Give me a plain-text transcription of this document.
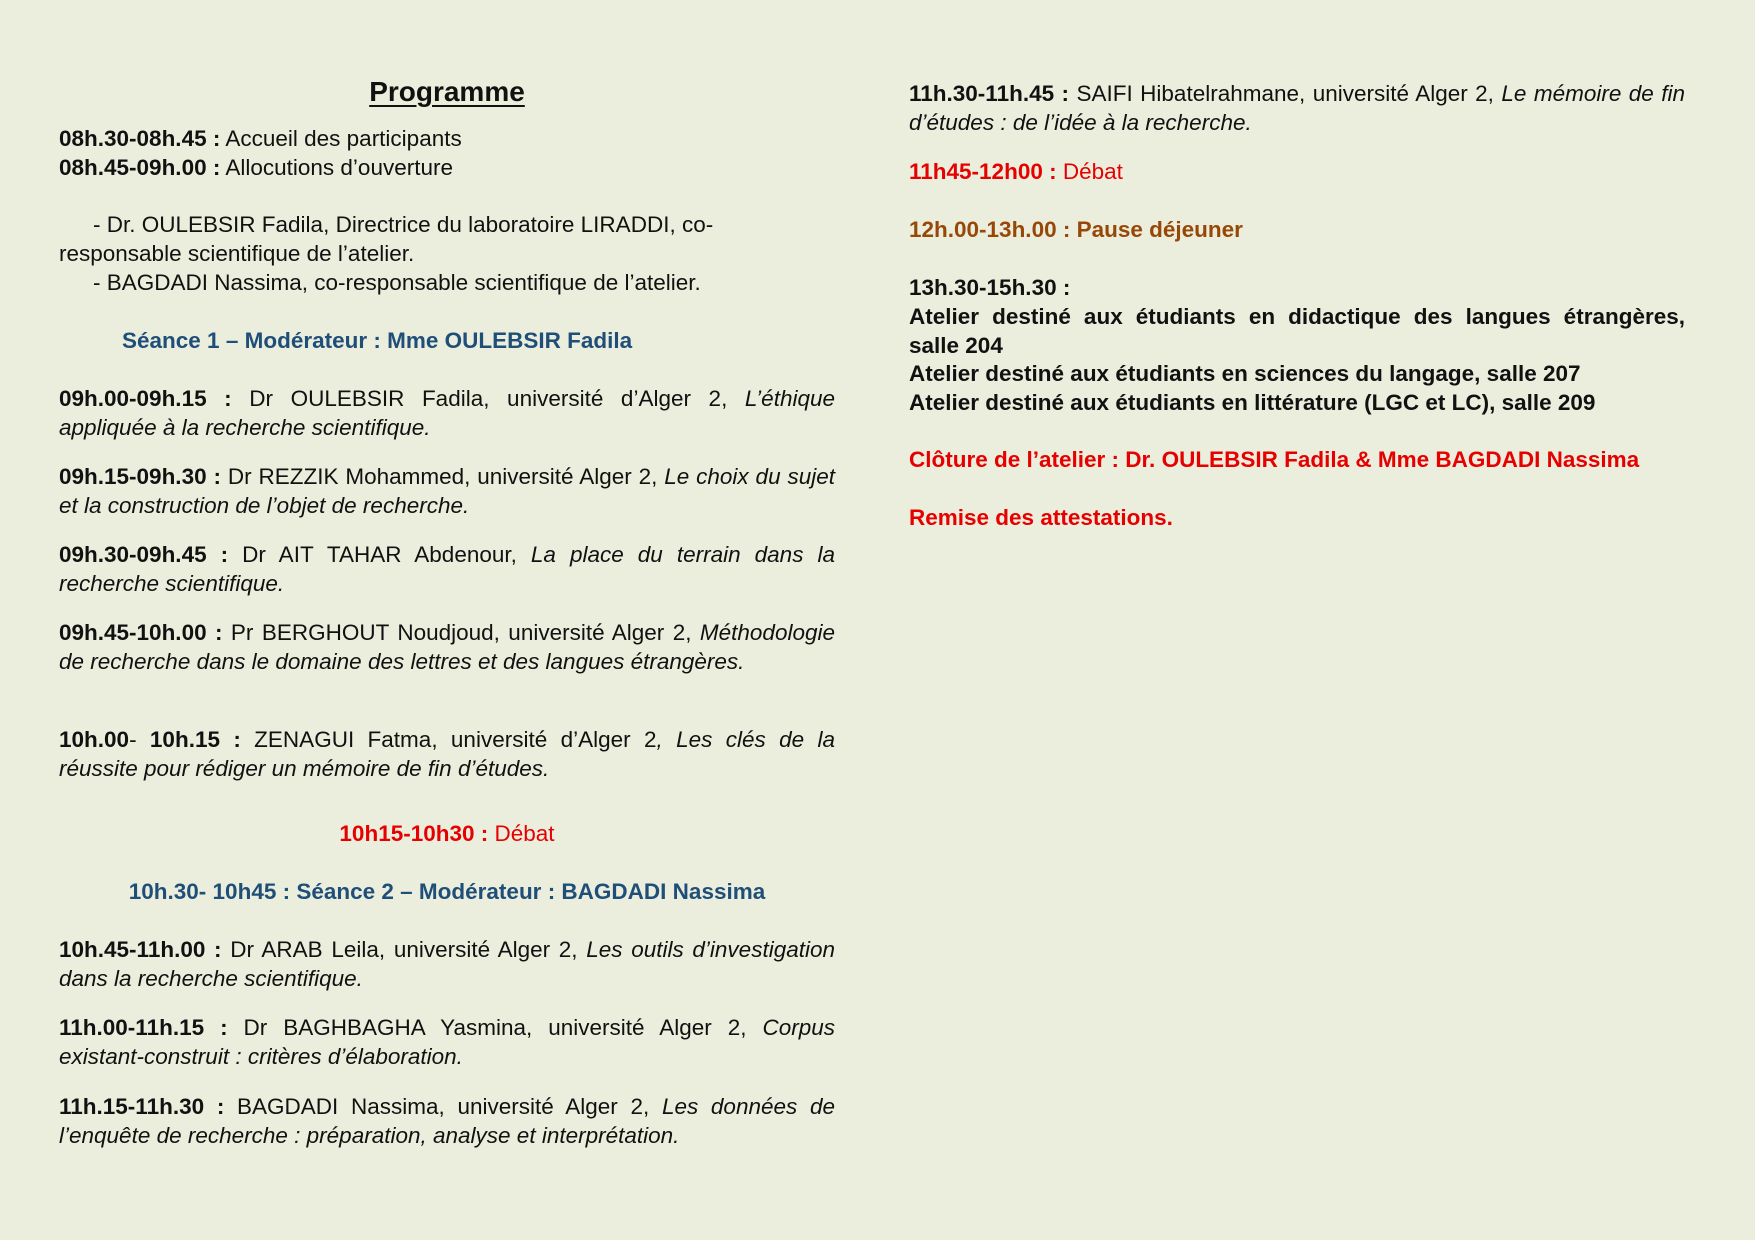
Programme
08h.30-08h.45 : Accueil des participants
08h.45-09h.00 : Allocutions d’ouverture
- Dr. OULEBSIR Fadila, Directrice du laboratoire LIRADDI, co-
responsable scientifique de l’atelier.
- BAGDADI Nassima, co-responsable scientifique de l’atelier.
Séance 1 – Modérateur : Mme OULEBSIR Fadila
09h.00-09h.15 : Dr OULEBSIR Fadila, université d’Alger 2, L’éthique appliquée à la recherche scientifique.
09h.15-09h.30 : Dr REZZIK Mohammed, université Alger 2, Le choix du sujet et la construction de l’objet de recherche.
09h.30-09h.45 : Dr AIT TAHAR Abdenour, La place du terrain dans la recherche scientifique.
09h.45-10h.00 : Pr BERGHOUT Noudjoud, université Alger 2, Méthodologie de recherche dans le domaine des lettres et des langues étrangères.
10h.00- 10h.15 : ZENAGUI Fatma, université d’Alger 2, Les clés de la réussite pour rédiger un mémoire de fin d’études.
10h15-10h30 : Débat
10h.30- 10h45 : Séance 2 – Modérateur : BAGDADI Nassima
10h.45-11h.00 : Dr ARAB Leila, université Alger 2, Les outils d’investigation dans la recherche scientifique.
11h.00-11h.15 : Dr BAGHBAGHA Yasmina, université Alger 2, Corpus existant-construit : critères d’élaboration.
11h.15-11h.30 : BAGDADI Nassima, université Alger 2, Les données de l’enquête de recherche : préparation, analyse et interprétation.
11h.30-11h.45 : SAIFI Hibatelrahmane, université Alger 2, Le mémoire de fin d’études : de l’idée à la recherche.
11h45-12h00 : Débat
12h.00-13h.00 : Pause déjeuner
13h.30-15h.30 :
Atelier destiné aux étudiants en didactique des langues étrangères, salle 204
Atelier destiné aux étudiants en sciences du langage, salle 207
Atelier destiné aux étudiants en littérature (LGC et LC), salle 209
Clôture de l’atelier : Dr. OULEBSIR Fadila & Mme BAGDADI Nassima
Remise des attestations.
